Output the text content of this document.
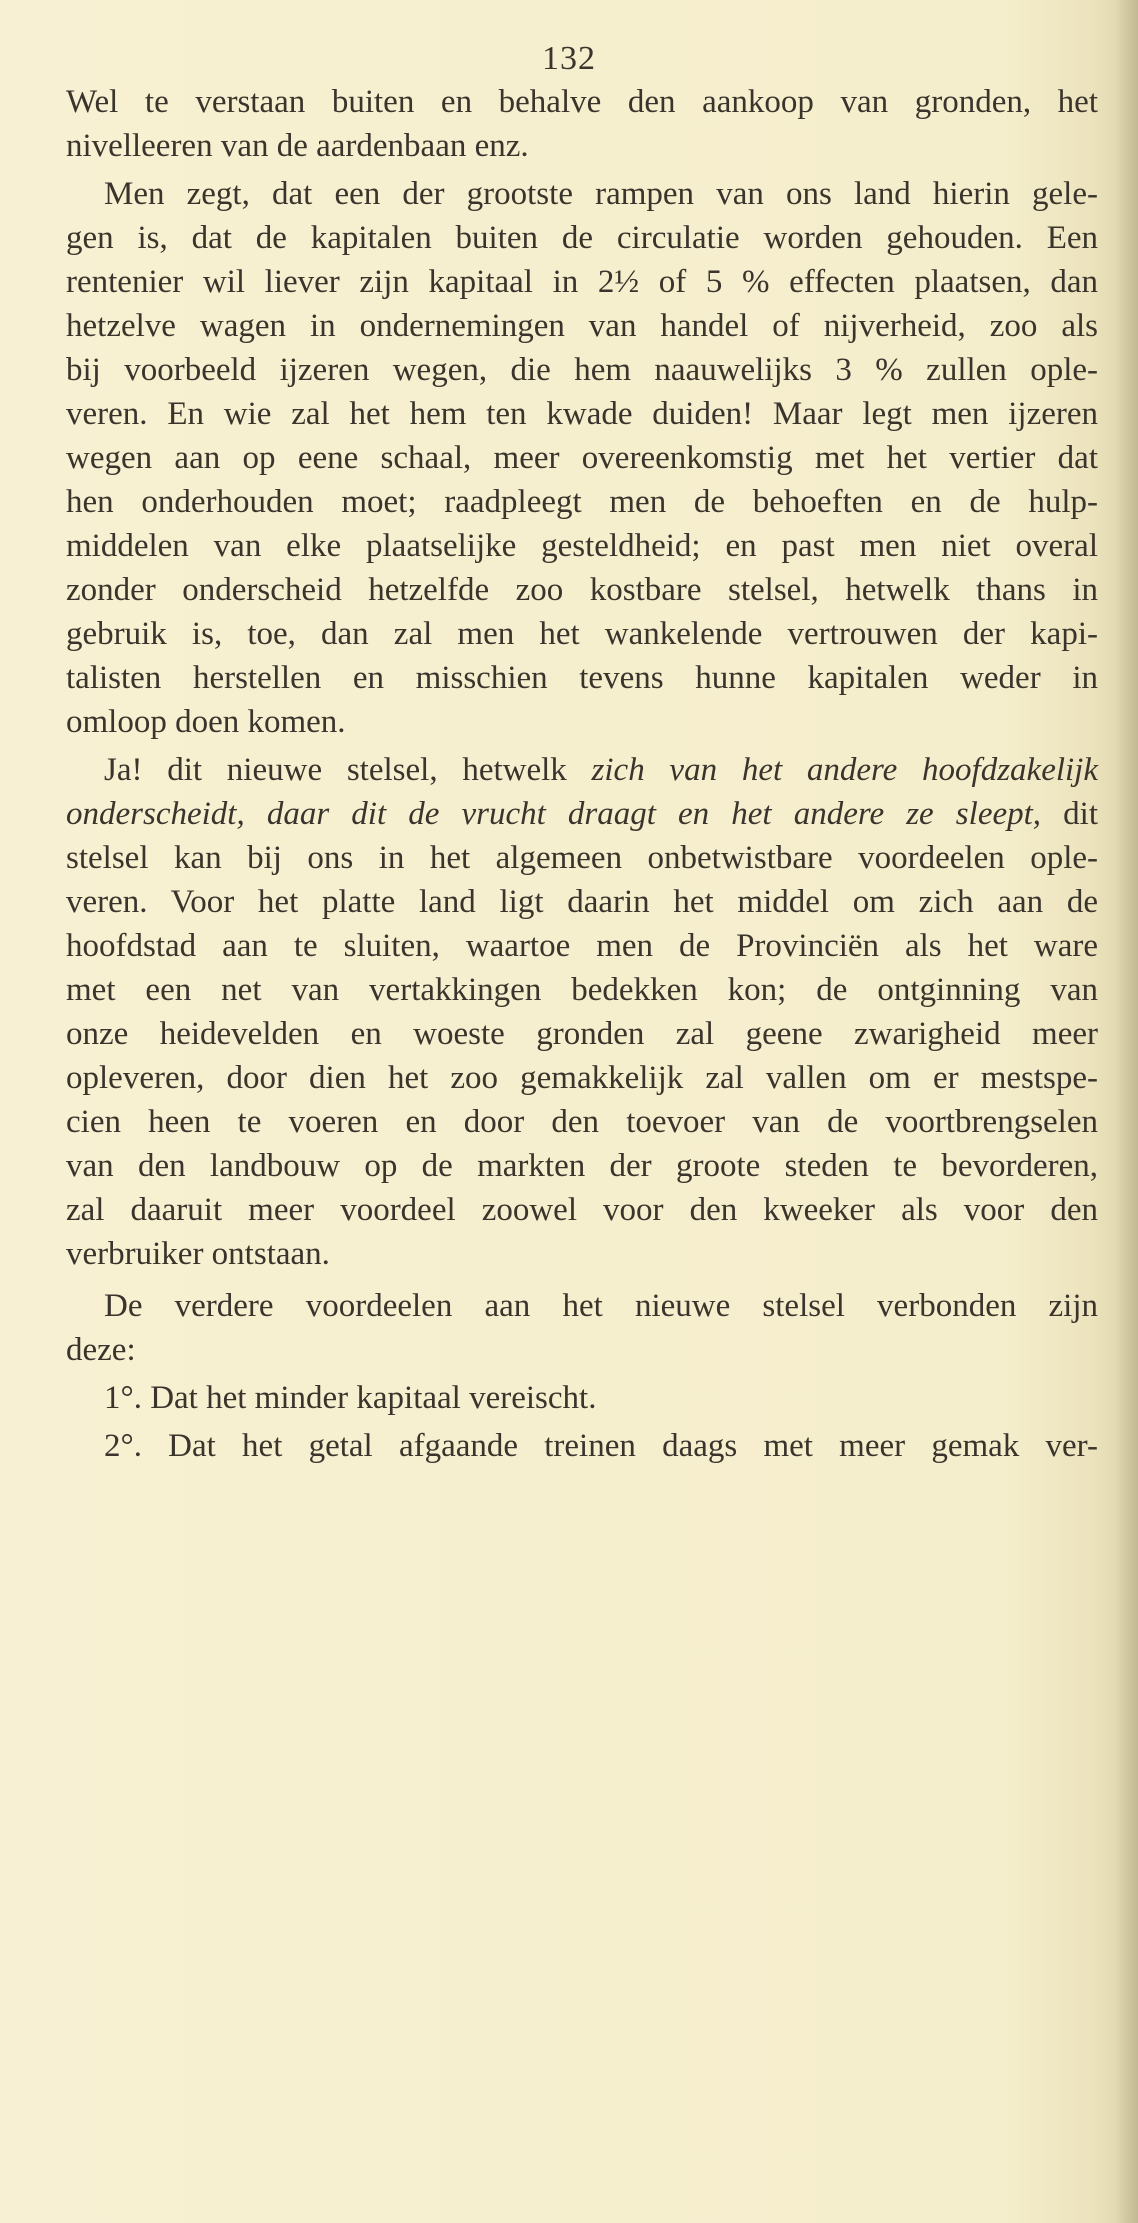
132
Wel te verstaan buiten en behalve den aankoop van gronden, het
nivelleeren van de aardenbaan enz.
Men zegt, dat een der grootste rampen van ons land hierin gele-
gen is, dat de kapitalen buiten de circulatie worden gehouden. Een
rentenier wil liever zijn kapitaal in 2½ of 5 % effecten plaatsen, dan
hetzelve wagen in ondernemingen van handel of nijverheid, zoo als
bij voorbeeld ijzeren wegen, die hem naauwelijks 3 % zullen ople-
veren. En wie zal het hem ten kwade duiden! Maar legt men ijzeren
wegen aan op eene schaal, meer overeenkomstig met het vertier dat
hen onderhouden moet; raadpleegt men de behoeften en de hulp-
middelen van elke plaatselijke gesteldheid; en past men niet overal
zonder onderscheid hetzelfde zoo kostbare stelsel, hetwelk thans in
gebruik is, toe, dan zal men het wankelende vertrouwen der kapi-
talisten herstellen en misschien tevens hunne kapitalen weder in
omloop doen komen.
Ja! dit nieuwe stelsel, hetwelk zich van het andere hoofdzakelijk
onderscheidt, daar dit de vrucht draagt en het andere ze sleept, dit
stelsel kan bij ons in het algemeen onbetwistbare voordeelen ople-
veren. Voor het platte land ligt daarin het middel om zich aan de
hoofdstad aan te sluiten, waartoe men de Provinciën als het ware
met een net van vertakkingen bedekken kon; de ontginning van
onze heidevelden en woeste gronden zal geene zwarigheid meer
opleveren, door dien het zoo gemakkelijk zal vallen om er mestspe-
cien heen te voeren en door den toevoer van de voortbrengselen
van den landbouw op de markten der groote steden te bevorderen,
zal daaruit meer voordeel zoowel voor den kweeker als voor den
verbruiker ontstaan.
De verdere voordeelen aan het nieuwe stelsel verbonden zijn
deze:
1°. Dat het minder kapitaal vereischt.
2°. Dat het getal afgaande treinen daags met meer gemak ver-
